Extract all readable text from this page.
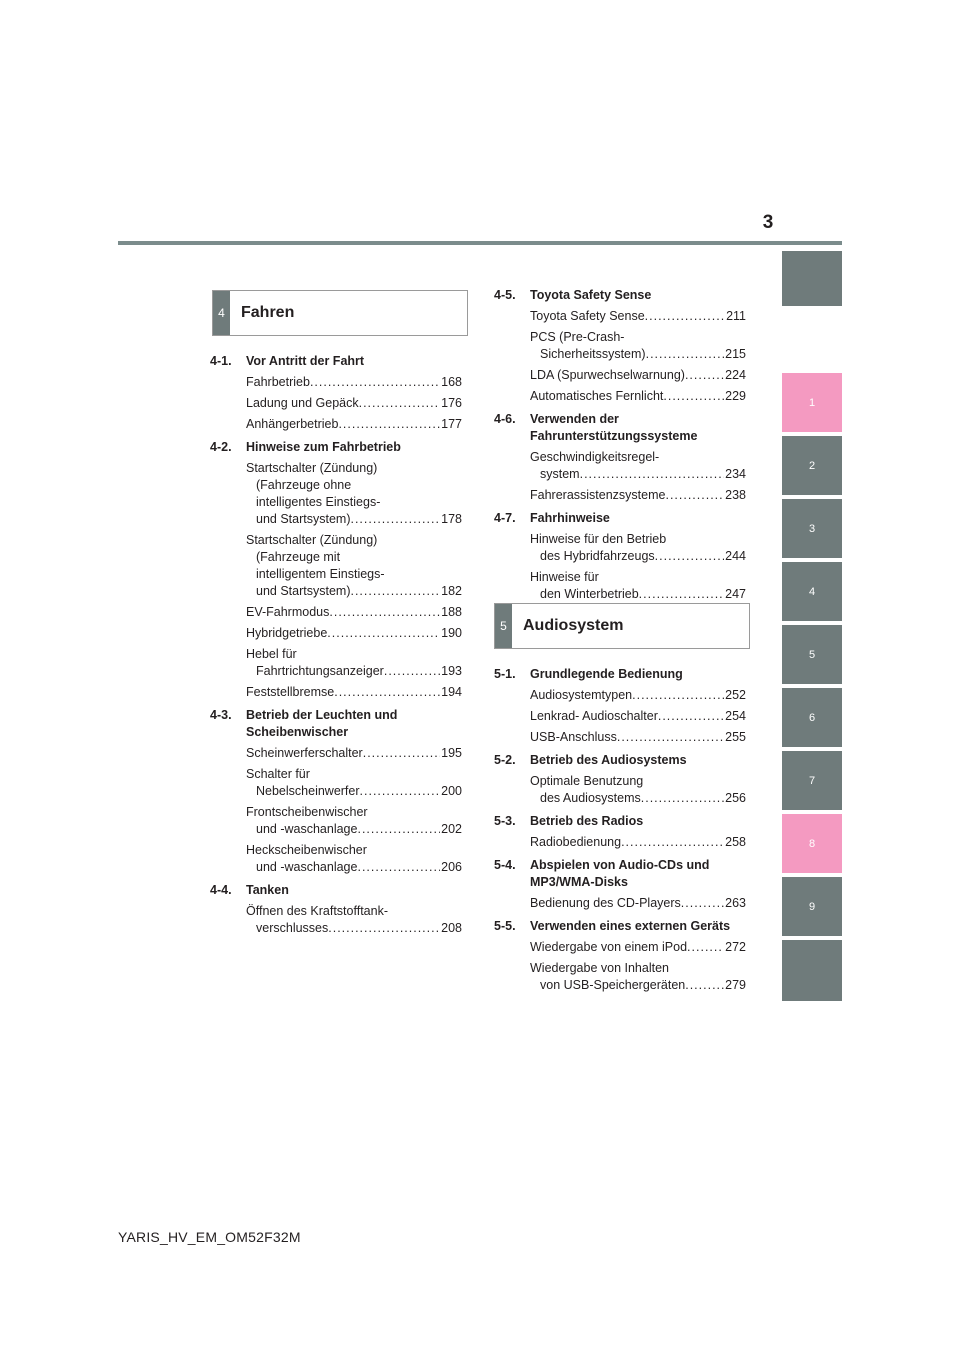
3
1
2
3
4
5
6
7
8
9
4	Fahren
4-1. Vor Antritt der Fahrt
Fahrbetrieb .....	168
Ladung und Gepäck .....	176
Anhängerbetrieb .....	177
4-2. Hinweise zum Fahrbetrieb
Startschalter (Zündung)
(Fahrzeuge ohne
intelligentes Einstiegs-
und Startsystem) .....	178
Startschalter (Zündung)
(Fahrzeuge mit
intelligentem Einstiegs-
und Startsystem) .....	182
EV-Fahrmodus .....	188
Hybridgetriebe .....	190
Hebel für
Fahrtrichtungsanzeiger .....	193
Feststellbremse .....	194
4-3. Betrieb der Leuchten und
Scheibenwischer
Scheinwerferschalter .....	195
Schalter für
Nebelscheinwerfer .....	200
Frontscheibenwischer
und -waschanlage .....	202
Heckscheibenwischer
und -waschanlage .....	206
4-4. Tanken
Öffnen des Kraftstofftank-
verschlusses .....	208
4-5. Toyota Safety Sense
Toyota Safety Sense .....	211
PCS (Pre-Crash-
Sicherheitssystem) .....	215
LDA (Spurwechselwarnung) .....	224
Automatisches Fernlicht .....	229
4-6. Verwenden der
Fahrunterstützungssysteme
Geschwindigkeitsregel-
system .....	234
Fahrerassistenzsysteme .....	238
4-7. Fahrhinweise
Hinweise für den Betrieb
des Hybridfahrzeugs .....	244
Hinweise für
den Winterbetrieb .....	247
5	Audiosystem
5-1. Grundlegende Bedienung
Audiosystemtypen .....	252
Lenkrad- Audioschalter .....	254
USB-Anschluss .....	255
5-2. Betrieb des Audiosystems
Optimale Benutzung
des Audiosystems .....	256
5-3. Betrieb des Radios
Radiobedienung .....	258
5-4. Abspielen von Audio-CDs und
MP3/WMA-Disks
Bedienung des CD-Players .....	263
5-5. Verwenden eines externen Geräts
Wiedergabe von einem iPod .....	272
Wiedergabe von Inhalten
von USB-Speichergeräten .....	279
YARIS_HV_EM_OM52F32M
